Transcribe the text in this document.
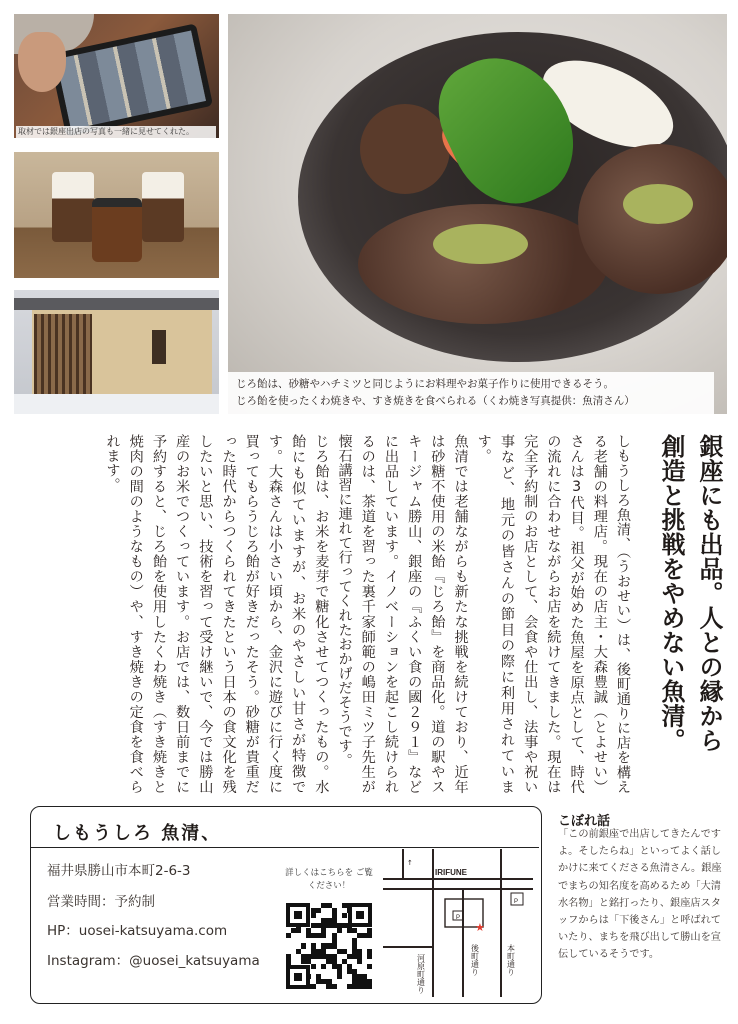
取材では銀座出店の写真も一緒に見せてくれた。
じろ飴は、砂糖やハチミツと同じようにお料理やお菓子作りに使用できるそう。
じろ飴を使ったくわ焼きや、すき焼きを食べられる（くわ焼き写真提供：魚清さん）
銀座にも出品。人との縁から
創造と挑戦をやめない魚清。

しもうしろ魚清、（うおせい）は、後町通りに店を構える老舗の料理店。現在の店主・大森豊誠（とよせい）さんは3代目。祖父が始めた魚屋を原点として、時代の流れに合わせながらお店を続けてきました。現在は完全予約制のお店として、会食や仕出し、法事や祝い事など、地元の皆さんの節目の際に利用されています。

魚清では老舗ながらも新たな挑戦を続けており、近年は砂糖不使用の米飴『じろ飴』を商品化。道の駅やスキージャム勝山、銀座の『ふくい食の國２９１』などに出品しています。イノベーションを起こし続けられるのは、茶道を習った裏千家師範の嶋田ミツ子先生が懐石講習に連れて行ってくれたおかげだそうです。

じろ飴は、お米を麦芽で糖化させてつくったもの。水飴にも似ていますが、お米のやさしい甘さが特徴です。大森さんは小さい頃から、金沢に遊びに行く度に買ってもらうじろ飴が好きだったそう。砂糖が貴重だった時代からつくられてきたという日本の食文化を残したいと思い、技術を習って受け継いで、今では勝山産のお米でつくっています。お店では、数日前までに予約すると、じろ飴を使用したくわ焼き（すき焼きと焼肉の間のようなもの）や、すき焼きの定食を食べられます。

しもうしろ 魚清、
福井県勝山市本町2-6-3
営業時間：予約制
HP：uosei-katsuyama.com
Instagram：@uosei_katsuyama
詳しくはこちらを ご覧ください！
IRIFUNE
P
P
★
河原町通り	後町通り	本町通り
↑
こぼれ話
「この前銀座で出店してきたんですよ。そしたらね」といってよく話しかけに来てくださる魚清さん。銀座でまちの知名度を高めるため「大清水名物」と銘打ったり、銀座店スタッフからは「下後さん」と呼ばれていたり、まちを飛び出して勝山を宣伝しているそうです。
